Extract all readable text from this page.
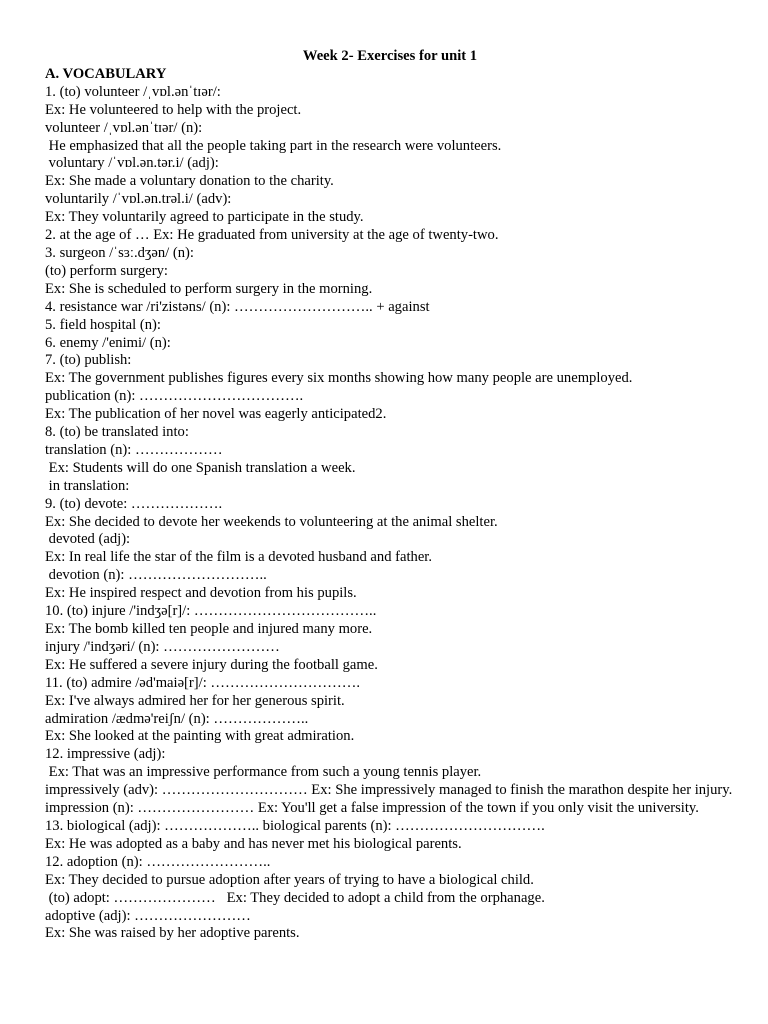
Week 2- Exercises for unit 1
A. VOCABULARY
1. (to) volunteer /ˌvɒl.ənˈtɪər/:
Ex: He volunteered to help with the project.
volunteer /ˌvɒl.ənˈtɪər/ (n):
He emphasized that all the people taking part in the research were volunteers.
voluntary /ˈvɒl.ən.tər.i/ (adj):
Ex: She made a voluntary donation to the charity.
voluntarily /ˈvɒl.ən.trəl.i/ (adv):
Ex: They voluntarily agreed to participate in the study.
2. at the age of … Ex: He graduated from university at the age of twenty-two.
3. surgeon /ˈsɜː.dʒən/ (n):
(to) perform surgery:
Ex: She is scheduled to perform surgery in the morning.
4. resistance war /ri'zistəns/ (n): ……………………….. + against
5. field hospital (n):
6. enemy /'enimi/ (n):
7. (to) publish:
Ex: The government publishes figures every six months showing how many people are unemployed.
publication (n): …………………………….
Ex: The publication of her novel was eagerly anticipated2.
8. (to) be translated into:
translation (n): ………………
Ex: Students will do one Spanish translation a week.
in translation:
9. (to) devote: ……………….
Ex: She decided to devote her weekends to volunteering at the animal shelter.
devoted (adj):
Ex: In real life the star of the film is a devoted husband and father.
devotion (n): ………………………..
Ex: He inspired respect and devotion from his pupils.
10. (to) injure /'indʒə[r]/: ………………………………..
Ex: The bomb killed ten people and injured many more.
injury /'indʒəri/ (n): ……………………
Ex: He suffered a severe injury during the football game.
11. (to) admire /əd'maiə[r]/: ………………………….
Ex: I've always admired her for her generous spirit.
admiration /ædmə'reiʃn/ (n): ………………..
Ex: She looked at the painting with great admiration.
12. impressive (adj):
Ex: That was an impressive performance from such a young tennis player.
impressively (adv): ………………………… Ex: She impressively managed to finish the marathon despite her injury.
impression (n): …………………… Ex: You'll get a false impression of the town if you only visit the university.
13. biological (adj): ……………….. biological parents (n): ………………………….
Ex: He was adopted as a baby and has never met his biological parents.
12. adoption (n): ……………………..
Ex: They decided to pursue adoption after years of trying to have a biological child.
(to) adopt: …………………   Ex: They decided to adopt a child from the orphanage.
adoptive (adj): ……………………
Ex: She was raised by her adoptive parents.
